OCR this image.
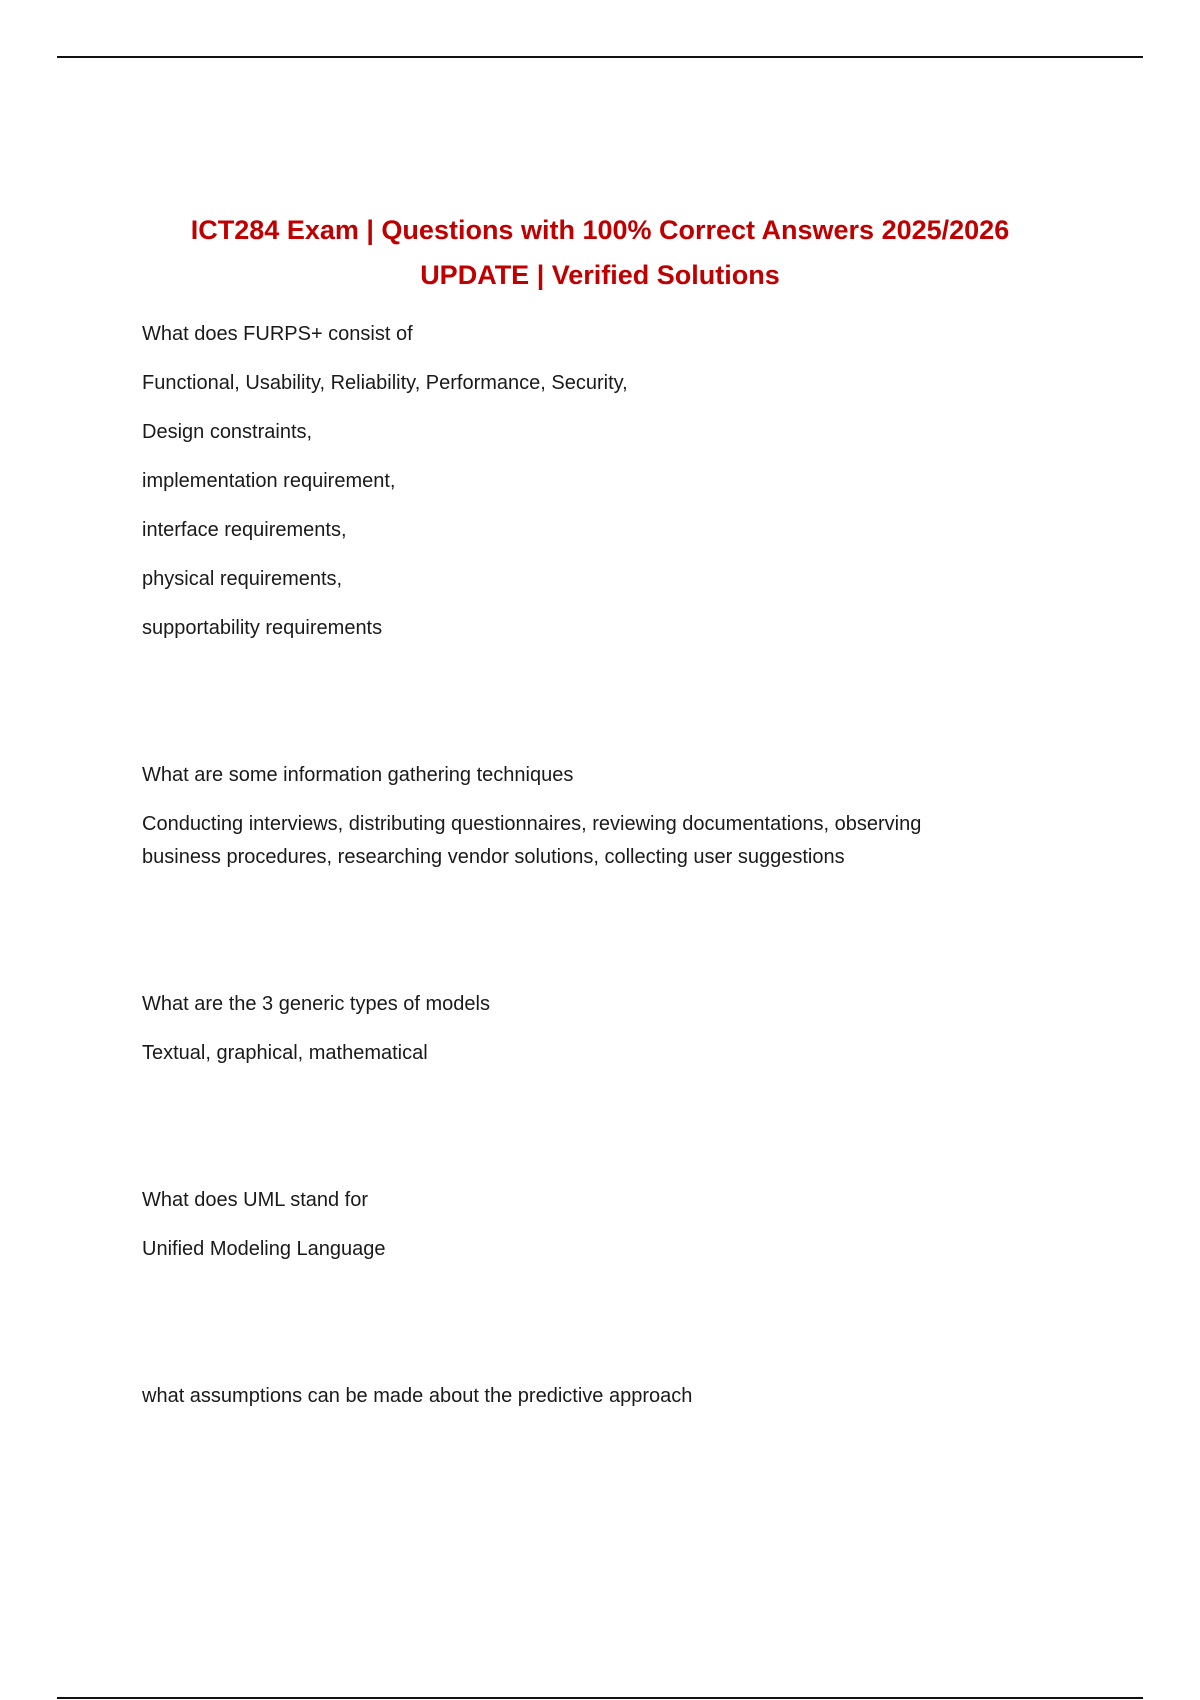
ICT284 Exam | Questions with 100% Correct Answers 2025/2026
UPDATE | Verified Solutions

What does FURPS+ consist of

Functional, Usability, Reliability, Performance, Security,

Design constraints,

implementation requirement,

interface requirements,

physical requirements,

supportability requirements

What are some information gathering techniques

Conducting interviews, distributing questionnaires, reviewing documentations, observing

business procedures, researching vendor solutions, collecting user suggestions

What are the 3 generic types of models

Textual, graphical, mathematical

What does UML stand for

Unified Modeling Language

what assumptions can be made about the predictive approach
